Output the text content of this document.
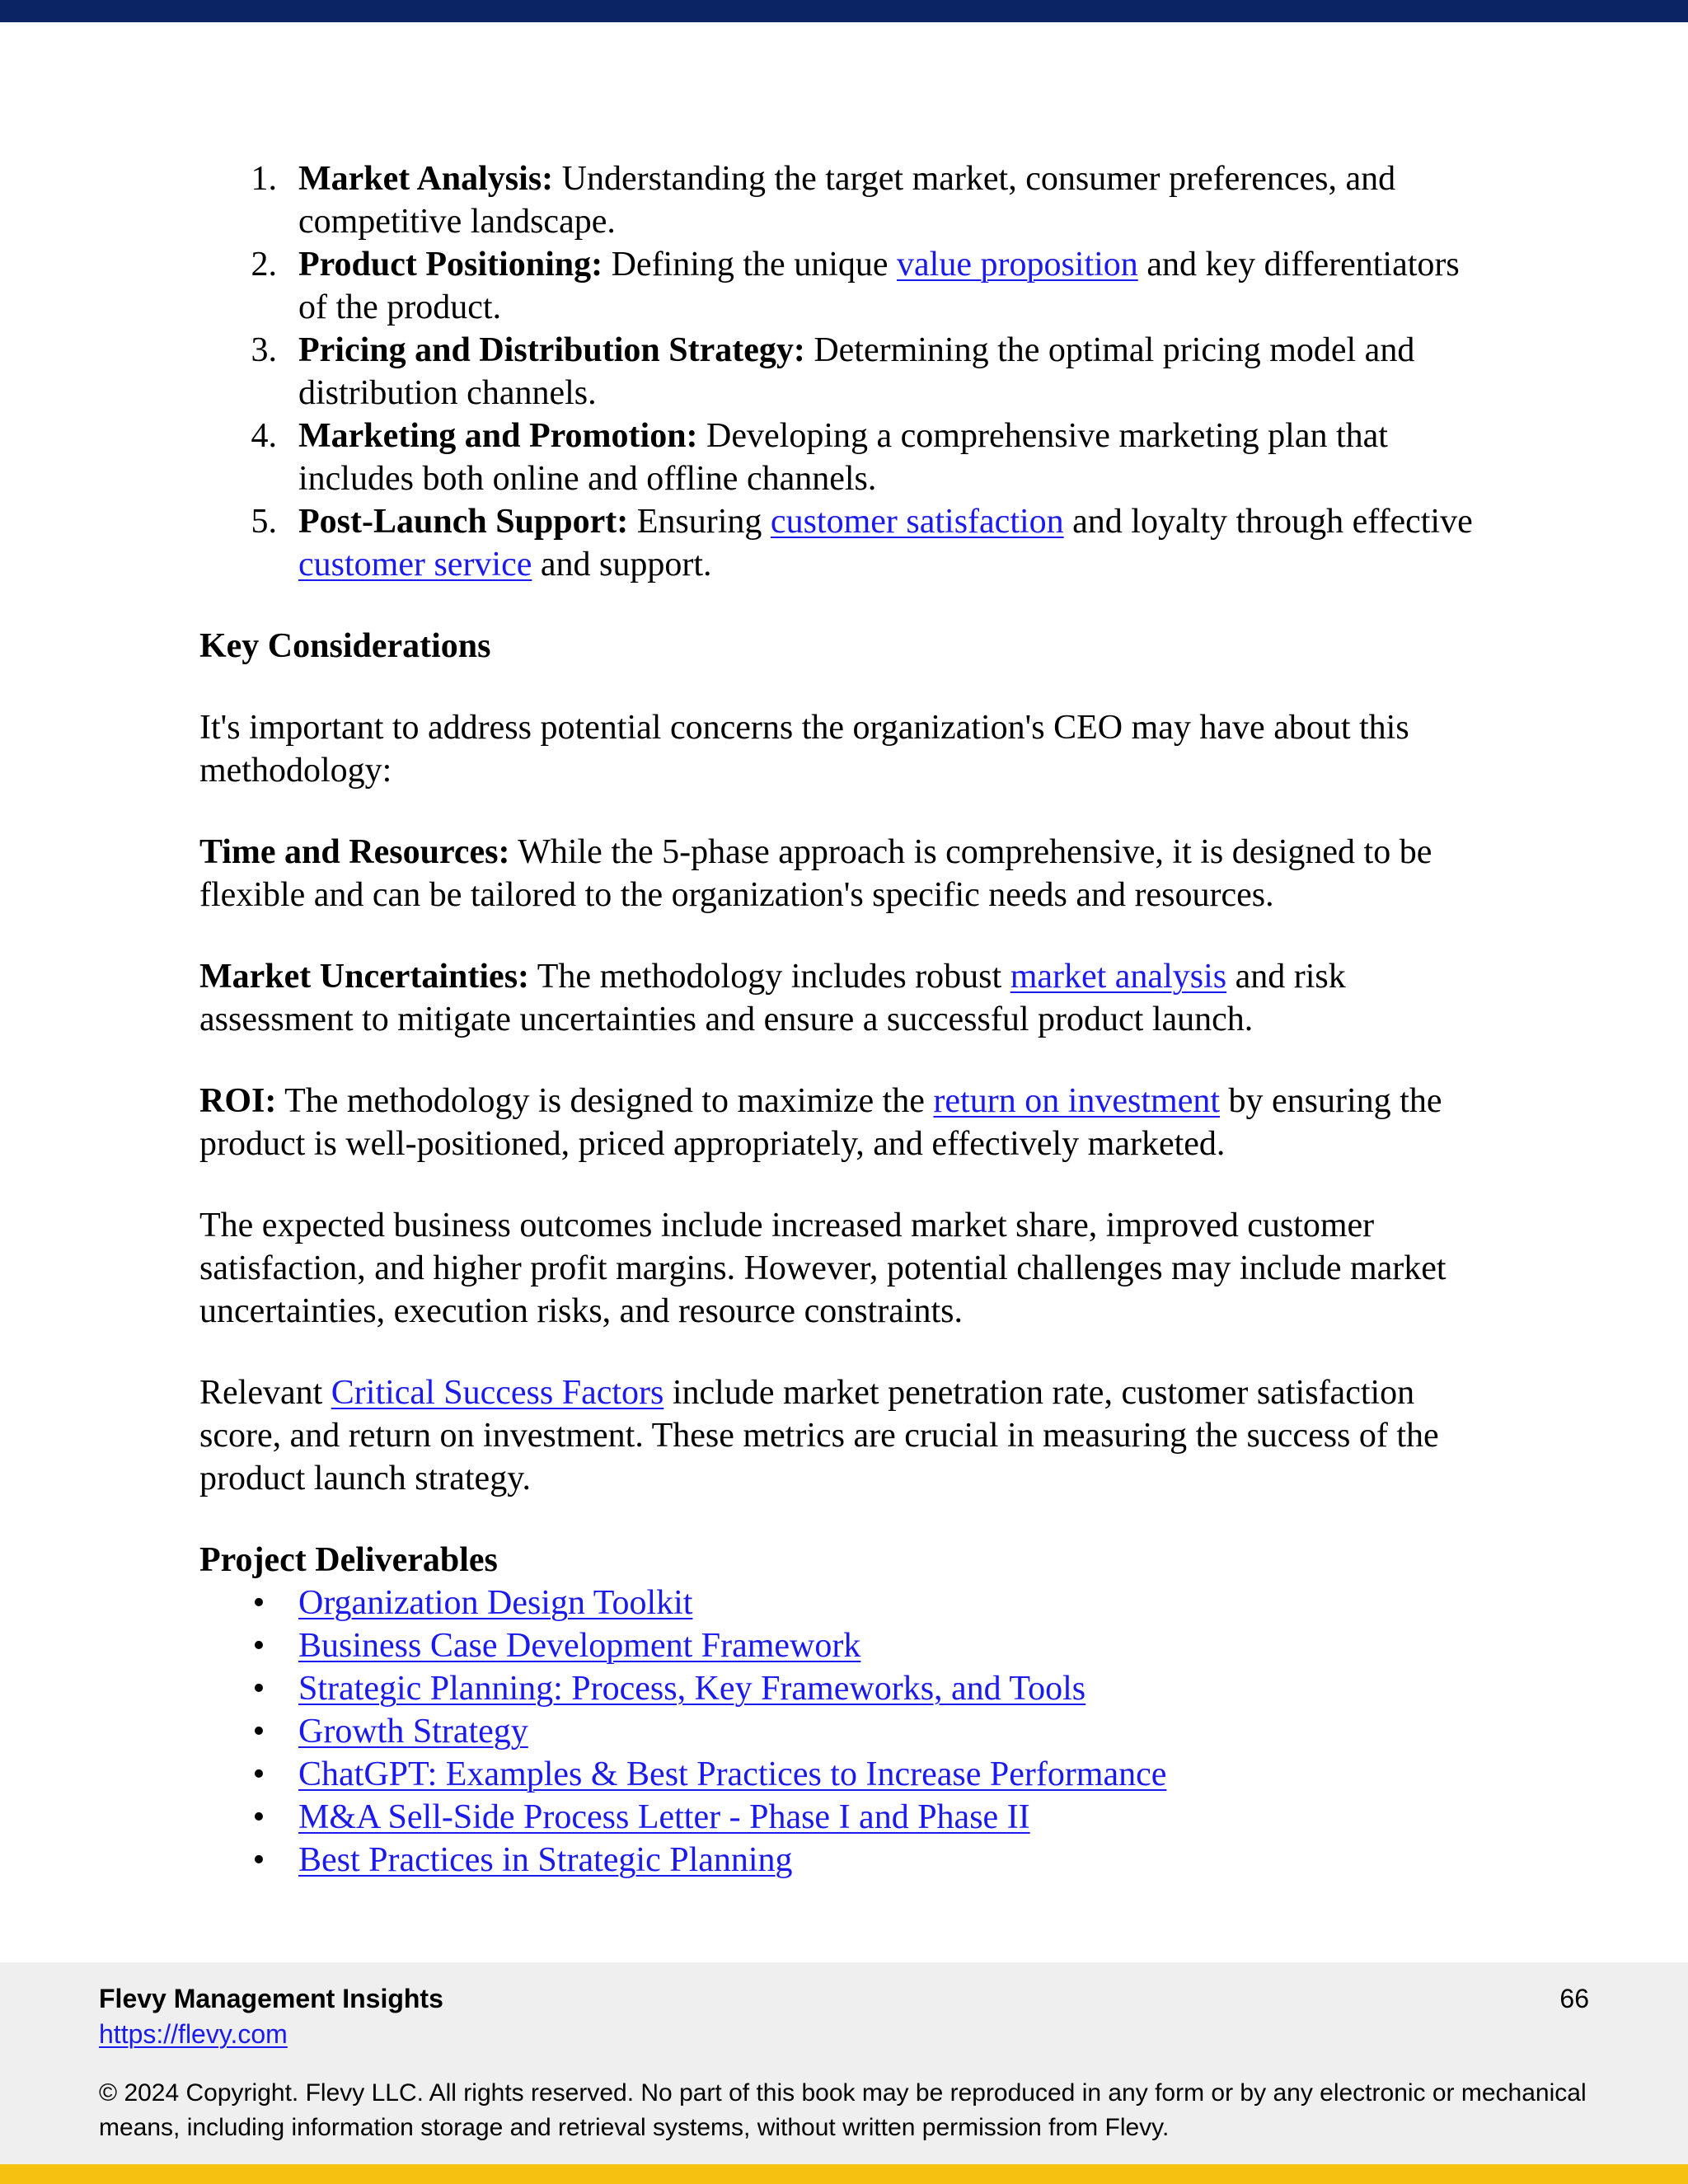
1. Market Analysis: Understanding the target market, consumer preferences, and competitive landscape.
2. Product Positioning: Defining the unique value proposition and key differentiators of the product.
3. Pricing and Distribution Strategy: Determining the optimal pricing model and distribution channels.
4. Marketing and Promotion: Developing a comprehensive marketing plan that includes both online and offline channels.
5. Post-Launch Support: Ensuring customer satisfaction and loyalty through effective customer service and support.

Key Considerations

It's important to address potential concerns the organization's CEO may have about this methodology:

Time and Resources: While the 5-phase approach is comprehensive, it is designed to be flexible and can be tailored to the organization's specific needs and resources.

Market Uncertainties: The methodology includes robust market analysis and risk assessment to mitigate uncertainties and ensure a successful product launch.

ROI: The methodology is designed to maximize the return on investment by ensuring the product is well-positioned, priced appropriately, and effectively marketed.

The expected business outcomes include increased market share, improved customer satisfaction, and higher profit margins. However, potential challenges may include market uncertainties, execution risks, and resource constraints.

Relevant Critical Success Factors include market penetration rate, customer satisfaction score, and return on investment. These metrics are crucial in measuring the success of the product launch strategy.

Project Deliverables

• Organization Design Toolkit
• Business Case Development Framework
• Strategic Planning: Process, Key Frameworks, and Tools
• Growth Strategy
• ChatGPT: Examples & Best Practices to Increase Performance
• M&A Sell-Side Process Letter - Phase I and Phase II
• Best Practices in Strategic Planning
Flevy Management Insights	66
https://flevy.com
© 2024 Copyright. Flevy LLC. All rights reserved. No part of this book may be reproduced in any form or by any electronic or mechanical means, including information storage and retrieval systems, without written permission from Flevy.
